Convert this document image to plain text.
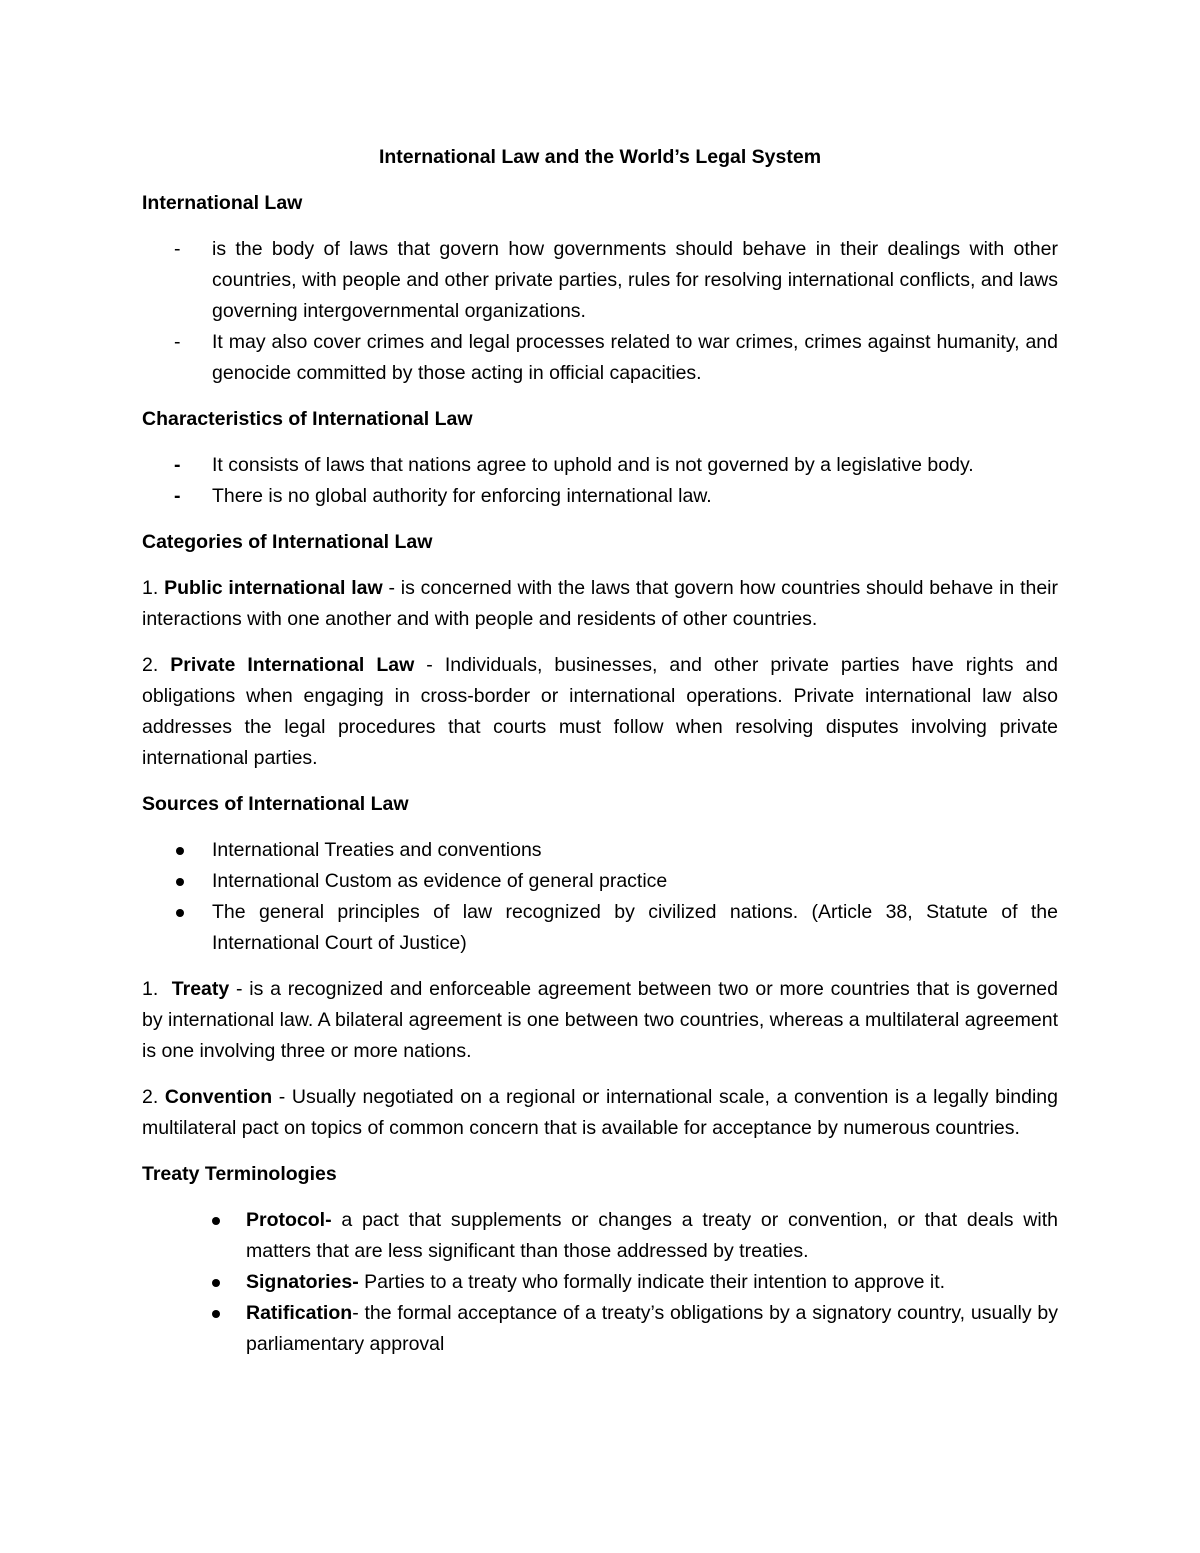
International Law and the World’s Legal System
International Law
- is the body of laws that govern how governments should behave in their dealings with other countries, with people and other private parties, rules for resolving international conflicts, and laws governing intergovernmental organizations.
- It may also cover crimes and legal processes related to war crimes, crimes against humanity, and genocide committed by those acting in official capacities.
Characteristics of International Law
- It consists of laws that nations agree to uphold and is not governed by a legislative body.
- There is no global authority for enforcing international law.
Categories of International Law

1. Public international law - is concerned with the laws that govern how countries should behave in their interactions with one another and with people and residents of other countries.

2. Private International Law - Individuals, businesses, and other private parties have rights and obligations when engaging in cross-border or international operations. Private international law also addresses the legal procedures that courts must follow when resolving disputes involving private international parties.

Sources of International Law
International Treaties and conventions
International Custom as evidence of general practice
The general principles of law recognized by civilized nations. (Article 38, Statute of the International Court of Justice)

1.  Treaty - is a recognized and enforceable agreement between two or more countries that is governed by international law. A bilateral agreement is one between two countries, whereas a multilateral agreement is one involving three or more nations.

2. Convention - Usually negotiated on a regional or international scale, a convention is a legally binding multilateral pact on topics of common concern that is available for acceptance by numerous countries.

Treaty Terminologies
Protocol- a pact that supplements or changes a treaty or convention, or that deals with matters that are less significant than those addressed by treaties.
Signatories- Parties to a treaty who formally indicate their intention to approve it.
Ratification- the formal acceptance of a treaty’s obligations by a signatory country, usually by parliamentary approval
